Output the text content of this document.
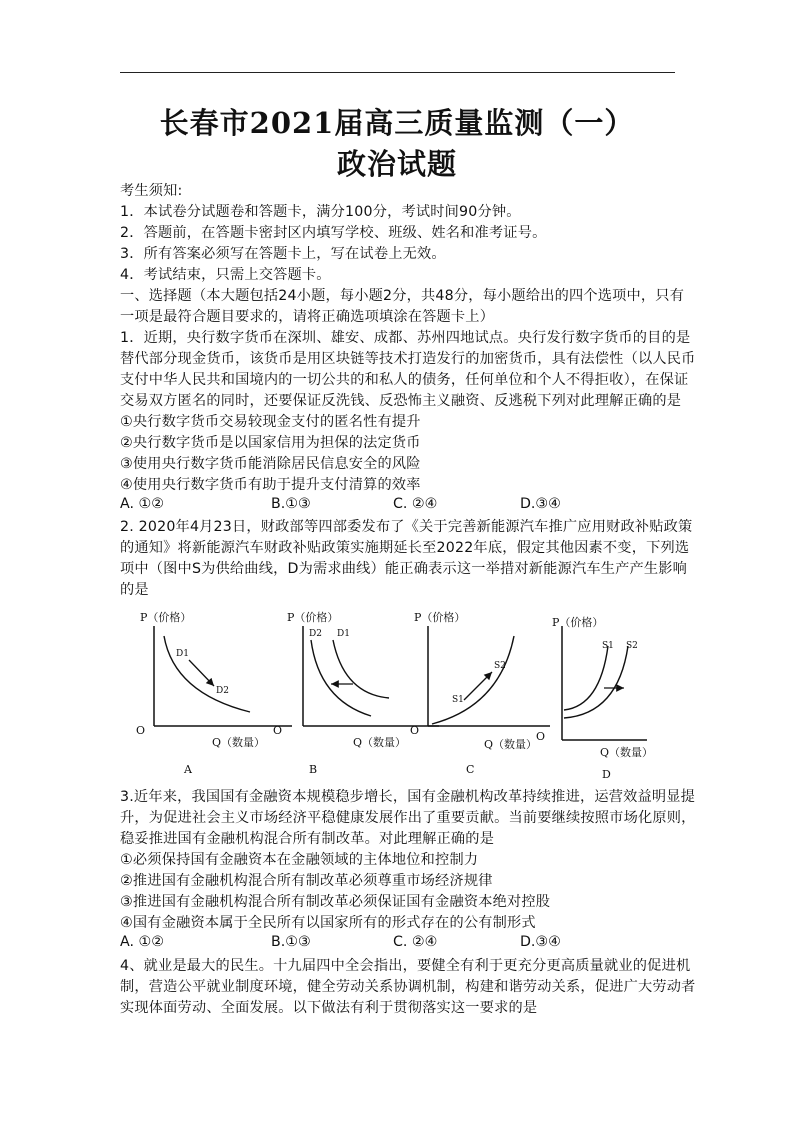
长春市2021届高三质量监测（一）
政治试题
考生须知:
1．本试卷分试题卷和答题卡，满分100分，考试时间90分钟。
2．答题前，在答题卡密封区内填写学校、班级、姓名和准考证号。
3．所有答案必须写在答题卡上，写在试卷上无效。
4．考试结束，只需上交答题卡。
一、选择题（本大题包括24小题，每小题2分，共48分，每小题给出的四个选项中，只有
一项是最符合题目要求的，请将正确选项填涂在答题卡上）
1．近期，央行数字货币在深圳、雄安、成都、苏州四地试点。央行发行数字货币的目的是
替代部分现金货币，该货币是用区块链等技术打造发行的加密货币，具有法偿性（以人民币
支付中华人民共和国境内的一切公共的和私人的债务，任何单位和个人不得拒收），在保证
交易双方匿名的同时，还要保证反洗钱、反恐怖主义融资、反逃税下列对此理解正确的是
①央行数字货币交易较现金支付的匿名性有提升
②央行数字货币是以国家信用为担保的法定货币
③使用央行数字货币能消除居民信息安全的风险
④使用央行数字货币有助于提升支付清算的效率
A. ①②	B.①③	C. ②④	D.③④
2. 2020年4月23日，财政部等四部委发布了《关于完善新能源汽车推广应用财政补贴政策
的通知》将新能源汽车财政补贴政策实施期延长至2022年底，假定其他因素不变，下列选
项中（图中S为供给曲线，D为需求曲线）能正确表示这一举措对新能源汽车生产产生影响
的是
P（价格）
O
Q（数量）
D1
D2
A
P（价格）
O
Q（数量）
D2 D1
B
P（价格）
O
Q（数量）
S1
S2
C
P（价格）
O
Q（数量）
S1 S2
D
3.近年来，我国国有金融资本规模稳步增长，国有金融机构改革持续推进，运营效益明显提
升，为促进社会主义市场经济平稳健康发展作出了重要贡献。当前要继续按照市场化原则，
稳妥推进国有金融机构混合所有制改革。对此理解正确的是
①必须保持国有金融资本在金融领域的主体地位和控制力
②推进国有金融机构混合所有制改革必须尊重市场经济规律
③推进国有金融机构混合所有制改革必须保证国有金融资本绝对控股
④国有金融资本属于全民所有以国家所有的形式存在的公有制形式
A. ①②	B.①③	C. ②④	D.③④
4、就业是最大的民生。十九届四中全会指出，要健全有利于更充分更高质量就业的促进机
制，营造公平就业制度环境，健全劳动关系协调机制，构建和谐劳动关系，促进广大劳动者
实现体面劳动、全面发展。以下做法有利于贯彻落实这一要求的是
